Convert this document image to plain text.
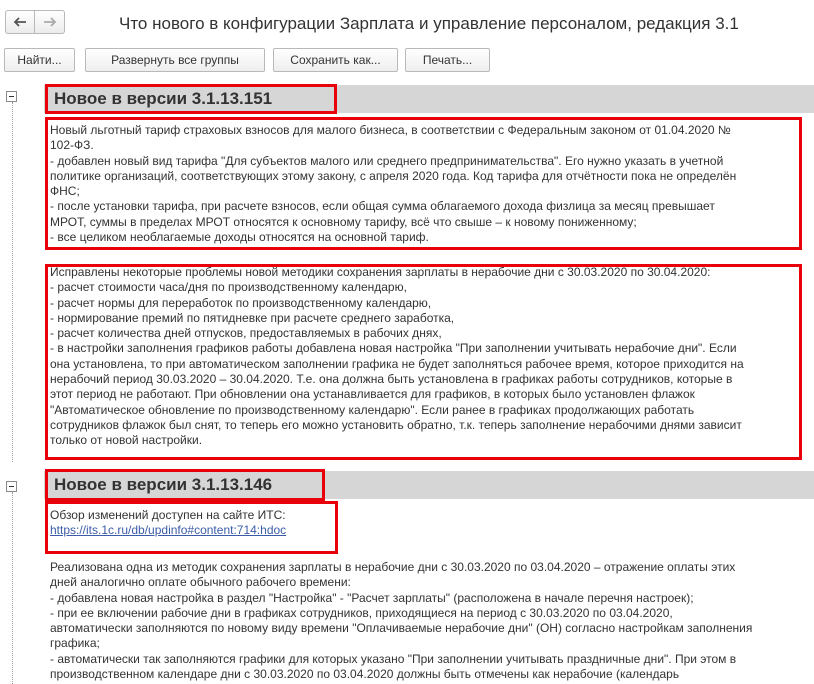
Что нового в конфигурации Зарплата и управление персоналом, редакция 3.1
Найти...	Развернуть все группы	Сохранить как...	Печать...
Новое в версии 3.1.13.151
Новый льготный тариф страховых взносов для малого бизнеса, в соответствии с Федеральным законом от 01.04.2020 №
102-ФЗ.
- добавлен новый вид тарифа "Для субъектов малого или среднего предпринимательства". Его нужно указать в учетной
политике организаций, соответствующих этому закону, с апреля 2020 года. Код тарифа для отчётности пока не определён
ФНС;
- после установки тарифа, при расчете взносов, если общая сумма облагаемого дохода физлица за месяц превышает
МРОТ, суммы в пределах МРОТ относятся к основному тарифу, всё что свыше – к новому пониженному;
- все целиком необлагаемые доходы относятся на основной тариф.
Исправлены некоторые проблемы новой методики сохранения зарплаты в нерабочие дни с 30.03.2020 по 30.04.2020:
- расчет стоимости часа/дня по производственному календарю,
- расчет нормы для переработок по производственному календарю,
- нормирование премий по пятидневке при расчете среднего заработка,
- расчет количества дней отпусков, предоставляемых в рабочих днях,
- в настройки заполнения графиков работы добавлена новая настройка "При заполнении учитывать нерабочие дни". Если
она установлена, то при автоматическом заполнении графика не будет заполняться рабочее время, которое приходится на
нерабочий период 30.03.2020 – 30.04.2020. Т.е. она должна быть установлена в графиках работы сотрудников, которые в
этот период не работают. При обновлении она устанавливается для графиков, в которых было установлен флажок
"Автоматическое обновление по производственному календарю". Если ранее в графиках продолжающих работать
сотрудников флажок был снят, то теперь его можно установить обратно, т.к. теперь заполнение нерабочими днями зависит
только от новой настройки.
Новое в версии 3.1.13.146
Обзор изменений доступен на сайте ИТС:
https://its.1c.ru/db/updinfo#content:714:hdoc
Реализована одна из методик сохранения зарплаты в нерабочие дни с 30.03.2020 по 03.04.2020 – отражение оплаты этих
дней аналогично оплате обычного рабочего времени:
- добавлена новая настройка в раздел "Настройка" - "Расчет зарплаты" (расположена в начале перечня настроек);
- при ее включении рабочие дни в графиках сотрудников, приходящиеся на период с 30.03.2020 по 03.04.2020,
автоматически заполняются по новому виду времени "Оплачиваемые нерабочие дни" (ОН) согласно настройкам заполнения
графика;
- автоматически так заполняются графики для которых указано "При заполнении учитывать праздничные дни". При этом в
производственном календаре дни с 30.03.2020 по 03.04.2020 должны быть отмечены как нерабочие (календарь
